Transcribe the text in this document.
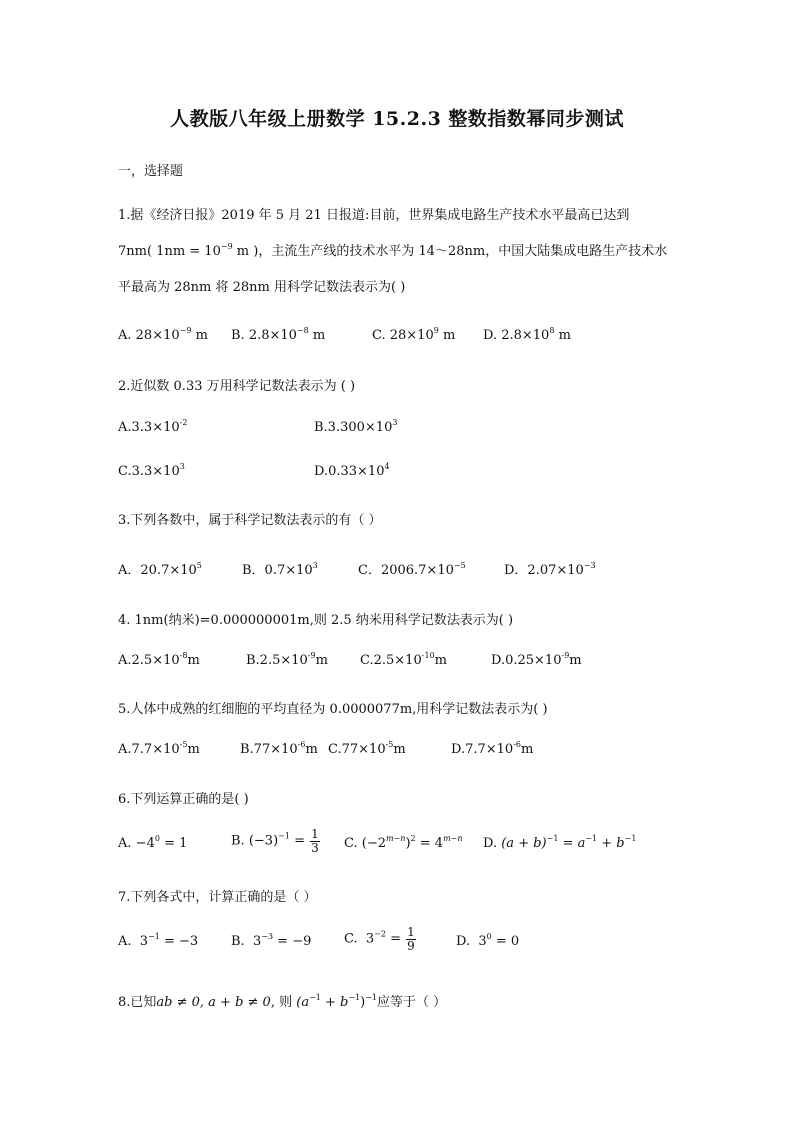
人教版八年级上册数学 15.2.3 整数指数幂同步测试
一，选择题
1.据《经济日报》2019 年 5 月 21 日报道:目前，世界集成电路生产技术水平最高已达到
7nm( $1nm = 10^{-9}$ m )，主流生产线的技术水平为 14～28nm，中国大陆集成电路生产技术水
平最高为 28nm 将 28nm 用科学记数法表示为( )
A. $28\times 10^{-9}$ m B. $2.8\times 10^{-8}$ m	C. $28\times 10^9$ m D. $2.8\times 10^8$ m
2.近似数 0.33 万用科学记数法表示为 ( )
$A.3.3\times 10^{-2}$	$B.3.300\times 10^3$
$C.3.3\times 10^3$	$D.0.33\times 10^4$
3.下列各数中，属于科学记数法表示的有（ ）
A．$20.7\times 10^5$	B．$0.7\times 10^3$	C．$2006.7\times 10^{-5}$	D．$2.07\times 10^{-3}$
4. 1nm(纳米)=0.000000001m,则 2.5 纳米用科学记数法表示为( )
$A.2.5\times 10^{-8}m$	$B.2.5\times 10^{-9}m$ $C.2.5\times 10^{-10}m$	$D.0.25\times 10^{-9}m$
5.人体中成熟的红细胞的平均直径为 0.0000077m,用科学记数法表示为( )
$A.7.7\times 10^{-5}m$	$B.77\times 10^{-6}m$ $C.77\times 10^{-5}m$	$D.7.7\times 10^{-6}m$
6.下列运算正确的是( )
A. $-4^0 = 1$	B. $(-3)^{-1} = \frac{1}{3} C$. $(-2^{m-n})^2 = 4^{m-n}$ D. $(a + b)^{-1} = a^{-1} + b^{-1}$
7.下列各式中，计算正确的是（ ）
A. $3^{-1} = -3$	B. $3^{-3} = -9$	C. $3^{-2} = \frac{1}{9}$	D. $3^0 = 0$
8.已知ab ≠ 0, a + b ≠ 0, 则 $(a^{-1} + b^{-1})^{-1}$应等于（ ）
